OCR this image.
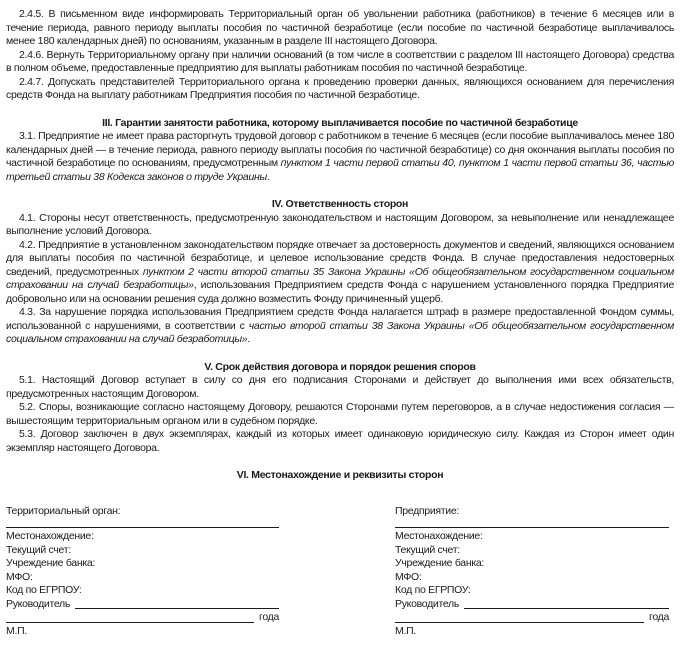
2.4.5. В письменном виде информировать Территориальный орган об увольнении работника (работников) в течение 6 месяцев или в течение периода, равного периоду выплаты пособия по частичной безработице (если пособие по частичной безработице выплачивалось менее 180 календарных дней) по основаниям, указанным в разделе III настоящего Договора.

2.4.6. Вернуть Территориальному органу при наличии оснований (в том числе в соответствии с разделом III настоящего Договора) средства в полном объеме, предоставленные предприятию для выплаты работникам пособия по частичной безработице.

2.4.7. Допускать представителей Территориального органа к проведению проверки данных, являющихся основанием для перечисления средств Фонда на выплату работникам Предприятия пособия по частичной безработице.

III. Гарантии занятости работника, которому выплачивается пособие по частичной безработице

3.1. Предприятие не имеет права расторгнуть трудовой договор с работником в течение 6 месяцев (если пособие выплачивалось менее 180 календарных дней — в течение периода, равного периоду выплаты пособия по частичной безработице) со дня окончания выплаты пособия по частичной безработице по основаниям, предусмотренным пунктом 1 части первой статьи 40, пунктом 1 части первой статьи 36, частью третьей статьи 38 Кодекса законов о труде Украины.

IV. Ответственность сторон

4.1. Стороны несут ответственность, предусмотренную законодательством и настоящим Договором, за невыполнение или ненадлежащее выполнение условий Договора.

4.2. Предприятие в установленном законодательством порядке отвечает за достоверность документов и сведений, являющихся основанием для выплаты пособия по частичной безработице, и целевое использование средств Фонда. В случае предоставления недостоверных сведений, предусмотренных пунктом 2 части второй статьи 35 Закона Украины «Об общеобязательном государственном социальном страховании на случай безработицы», использования Предприятием средств Фонда с нарушением установленного порядка Предприятие добровольно или на основании решения суда должно возместить Фонду причиненный ущерб.

4.3. За нарушение порядка использования Предприятием средств Фонда налагается штраф в размере предоставленной Фондом суммы, использованной с нарушениями, в соответствии с частью второй статьи 38 Закона Украины «Об общеобязательном государственном социальном страховании на случай безработицы».

V. Срок действия договора и порядок решения споров

5.1. Настоящий Договор вступает в силу со дня его подписания Сторонами и действует до выполнения ими всех обязательств, предусмотренных настоящим Договором.

5.2. Споры, возникающие согласно настоящему Договору, решаются Сторонами путем переговоров, а в случае недостижения согласия — вышестоящим территориальным органом или в судебном порядке.

5.3. Договор заключен в двух экземплярах, каждый из которых имеет одинаковую юридическую силу. Каждая из Сторон имеет один экземпляр настоящего Договора.

VI. Местонахождение и реквизиты сторон
Территориальный орган:
Местонахождение:
Текущий счет:
Учреждение банка:
МФО:
Код по ЕГРПОУ:
Руководитель
года
М.П.
Предприятие:
Местонахождение:
Текущий счет:
Учреждение банка:
МФО:
Код по ЕГРПОУ:
Руководитель
года
М.П.
